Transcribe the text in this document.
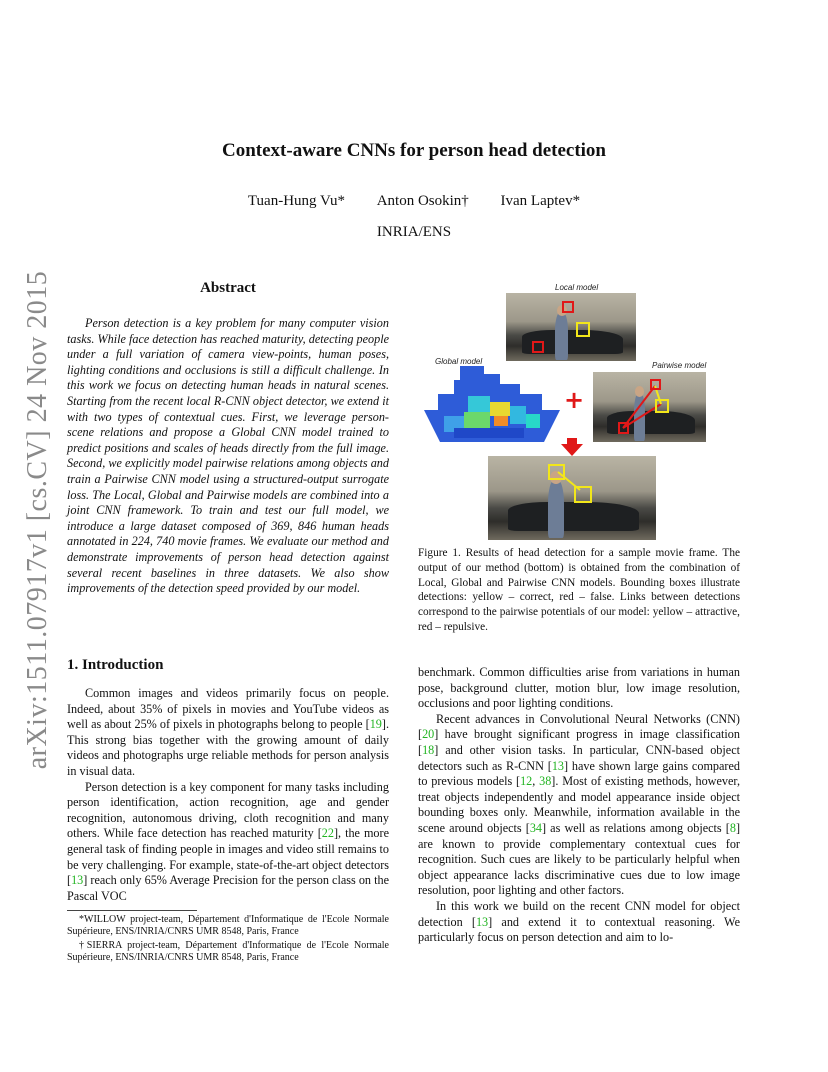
arXiv:1511.07917v1 [cs.CV] 24 Nov 2015
Context-aware CNNs for person head detection
Tuan-Hung Vu* Anton Osokin† Ivan Laptev*
INRIA/ENS
Abstract
Person detection is a key problem for many computer vision tasks. While face detection has reached maturity, detecting people under a full variation of camera view-points, human poses, lighting conditions and occlusions is still a difficult challenge. In this work we focus on detecting human heads in natural scenes. Starting from the recent local R-CNN object detector, we extend it with two types of contextual cues. First, we leverage person-scene relations and propose a Global CNN model trained to predict positions and scales of heads directly from the full image. Second, we explicitly model pairwise relations among objects and train a Pairwise CNN model using a structured-output surrogate loss. The Local, Global and Pairwise models are combined into a joint CNN framework. To train and test our full model, we introduce a large dataset composed of 369, 846 human heads annotated in 224, 740 movie frames. We evaluate our method and demonstrate improvements of person head detection against several recent baselines in three datasets. We also show improvements of the detection speed provided by our model.
Local model
Global model	Pairwise model
+
Figure 1. Results of head detection for a sample movie frame. The output of our method (bottom) is obtained from the combination of Local, Global and Pairwise CNN models. Bounding boxes illustrate detections: yellow – correct, red – false. Links between detections correspond to the pairwise potentials of our model: yellow – attractive, red – repulsive.
1. Introduction

Common images and videos primarily focus on people. Indeed, about 35% of pixels in movies and YouTube videos as well as about 25% of pixels in photographs belong to people [19]. This strong bias together with the growing amount of daily videos and photographs urge reliable methods for person analysis in visual data.

Person detection is a key component for many tasks including person identification, action recognition, age and gender recognition, autonomous driving, cloth recognition and many others. While face detection has reached maturity [22], the more general task of finding people in images and video still remains to be very challenging. For example, state-of-the-art object detectors [13] reach only 65% Average Precision for the person class on the Pascal VOC

benchmark. Common difficulties arise from variations in human pose, background clutter, motion blur, low image resolution, occlusions and poor lighting conditions.

Recent advances in Convolutional Neural Networks (CNN) [20] have brought significant progress in image classification [18] and other vision tasks. In particular, CNN-based object detectors such as R-CNN [13] have shown large gains compared to previous models [12, 38]. Most of existing methods, however, treat objects independently and model appearance inside object bounding boxes only. Meanwhile, information available in the scene around objects [34] as well as relations among objects [8] are known to provide complementary contextual cues for recognition. Such cues are likely to be particularly helpful when object appearance lacks discriminative cues due to low image resolution, poor lighting and other factors.

In this work we build on the recent CNN model for object detection [13] and extend it to contextual reasoning. We particularly focus on person detection and aim to lo-

*WILLOW project-team, Département d'Informatique de l'Ecole Normale Supérieure, ENS/INRIA/CNRS UMR 8548, Paris, France

†SIERRA project-team, Département d'Informatique de l'Ecole Normale Supérieure, ENS/INRIA/CNRS UMR 8548, Paris, France
